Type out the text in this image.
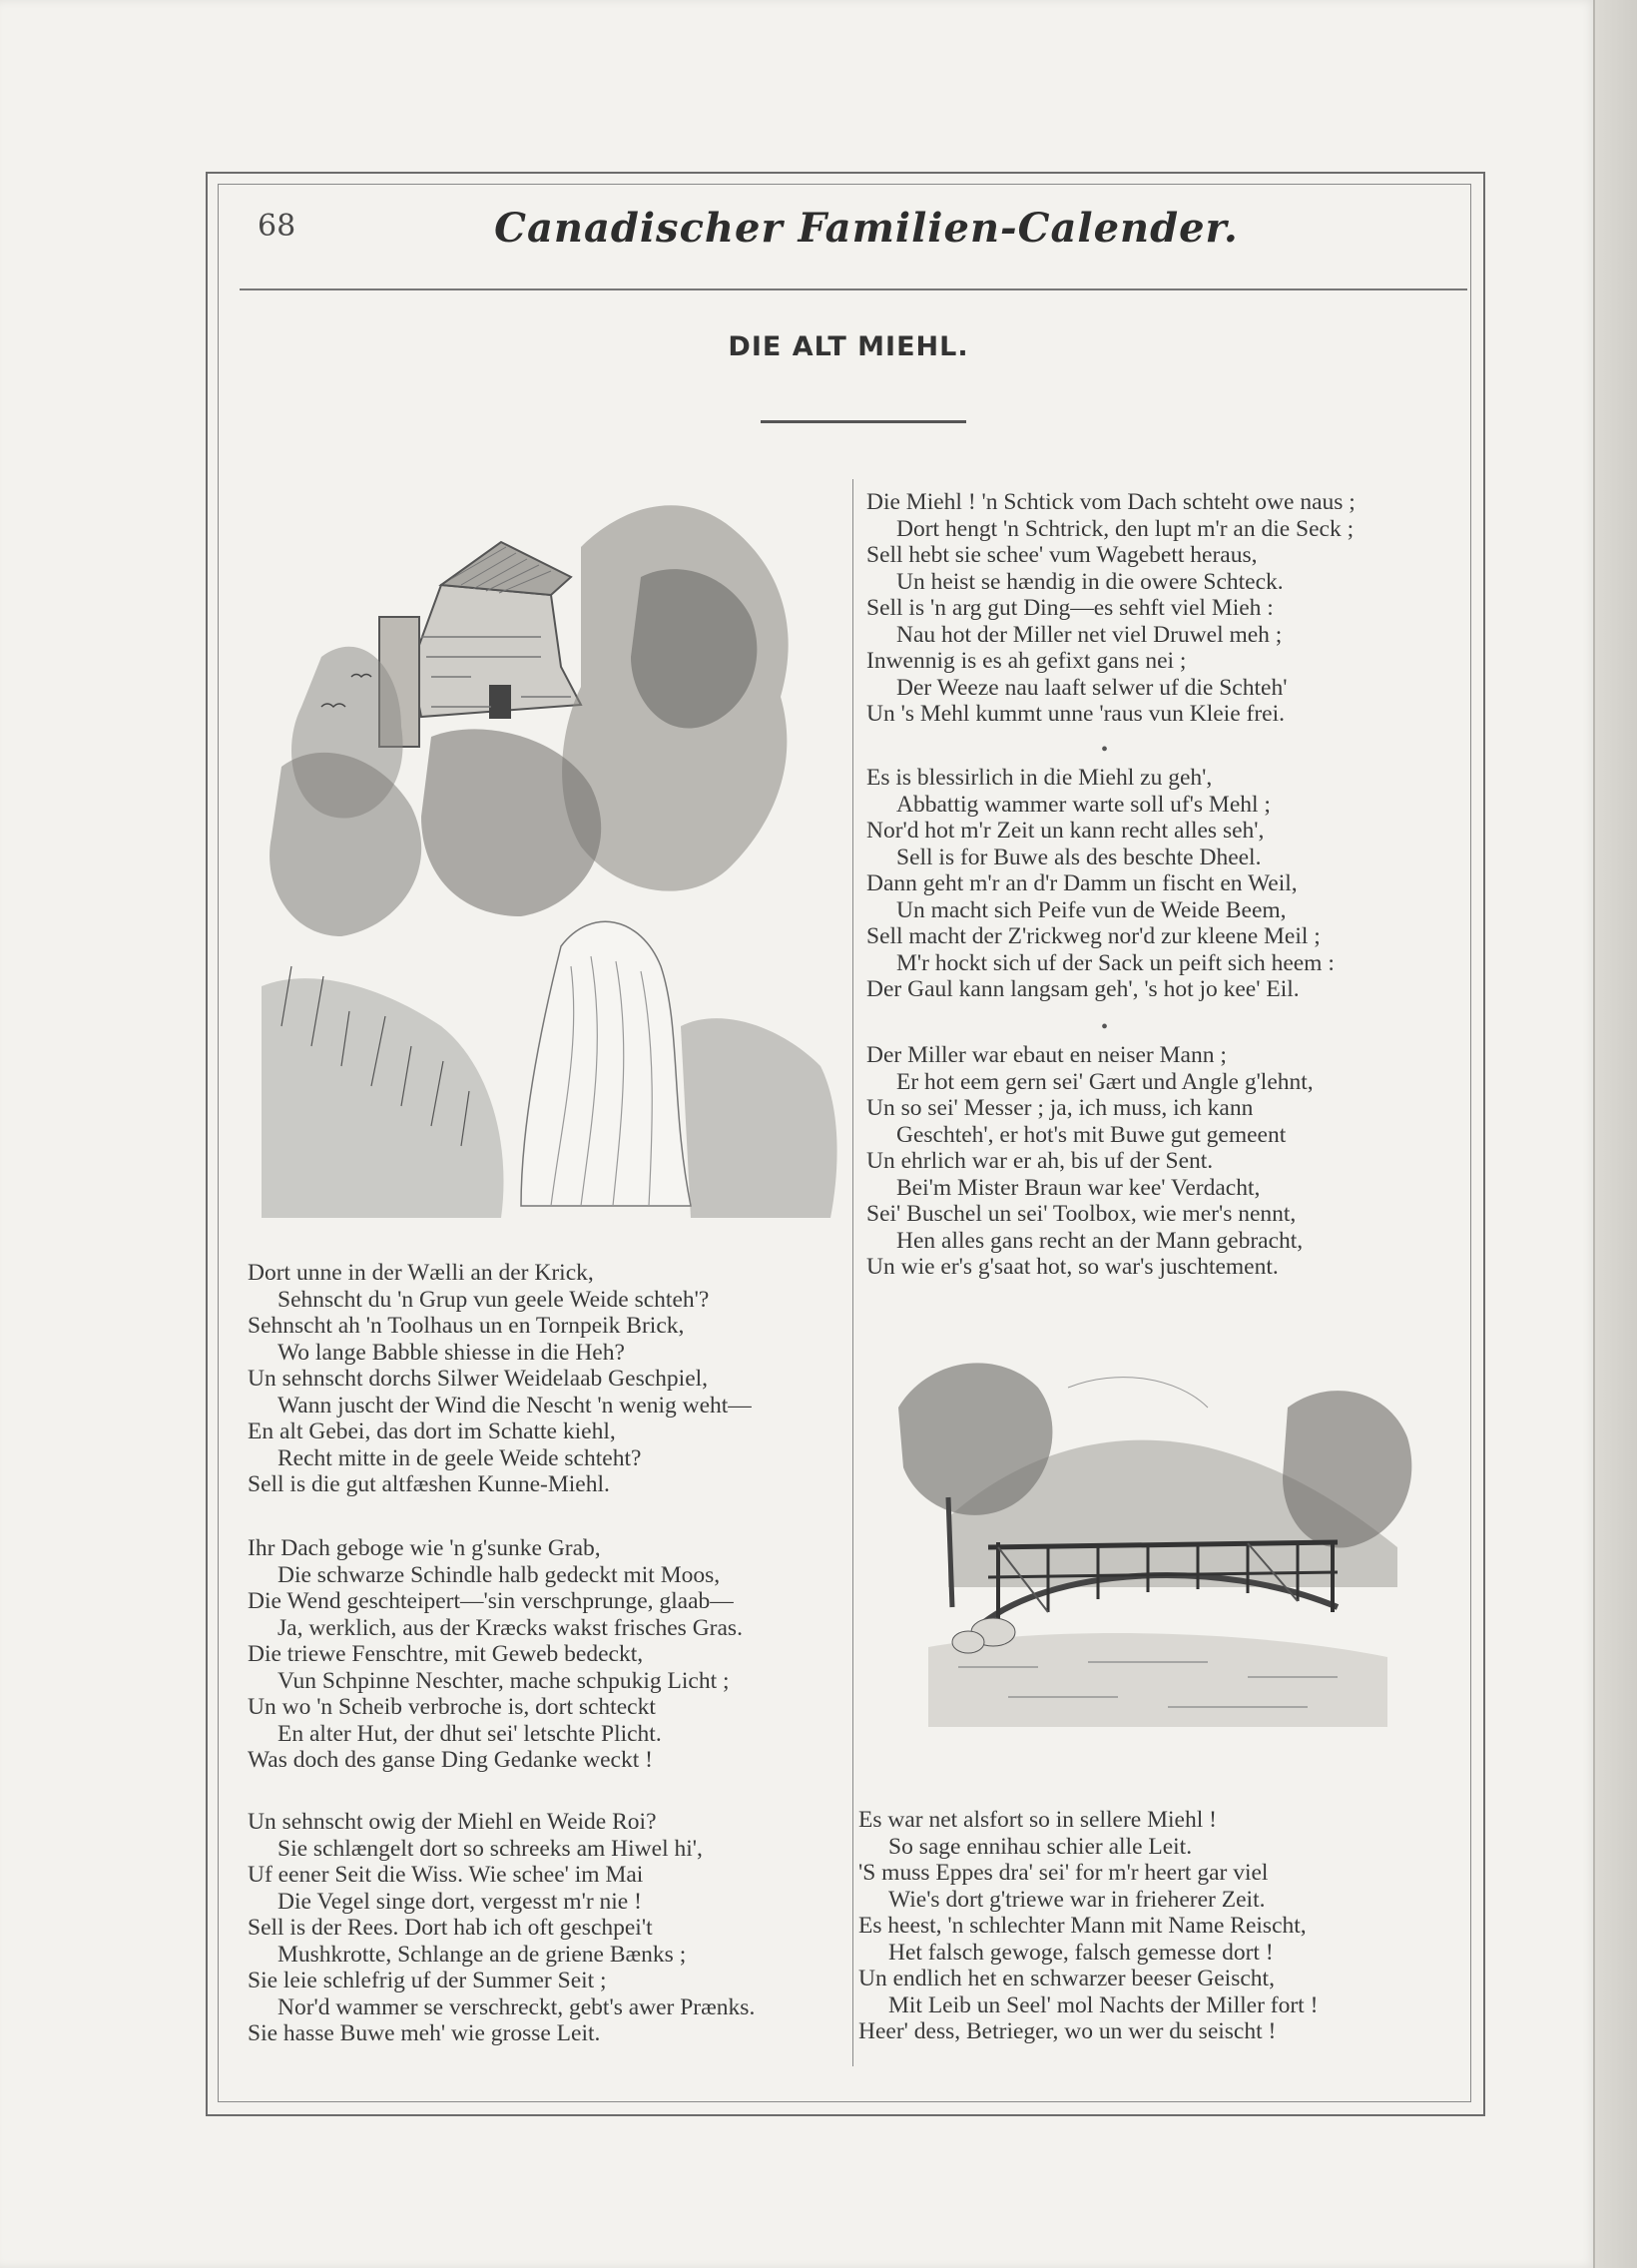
68	Canadischer Familien-Calender.
DIE ALT MIEHL.
Dort unne in der Wælli an der Krick,
Sehnscht du 'n Grup vun geele Weide schteh'?
Sehnscht ah 'n Toolhaus un en Tornpeik Brick,
Wo lange Babble shiesse in die Heh?
Un sehnscht dorchs Silwer Weidelaab Geschpiel,
Wann juscht der Wind die Nescht 'n wenig weht—
En alt Gebei, das dort im Schatte kiehl,
Recht mitte in de geele Weide schteht?
Sell is die gut altfæshen Kunne-Miehl.
Ihr Dach geboge wie 'n g'sunke Grab,
Die schwarze Schindle halb gedeckt mit Moos,
Die Wend geschteipert—'sin verschprunge, glaab—
Ja, werklich, aus der Kræcks wakst frisches Gras.
Die triewe Fenschtre, mit Geweb bedeckt,
Vun Schpinne Neschter, mache schpukig Licht ;
Un wo 'n Scheib verbroche is, dort schteckt
En alter Hut, der dhut sei' letschte Plicht.
Was doch des ganse Ding Gedanke weckt !
Un sehnscht owig der Miehl en Weide Roi?
Sie schlængelt dort so schreeks am Hiwel hi',
Uf eener Seit die Wiss. Wie schee' im Mai
Die Vegel singe dort, vergesst m'r nie !
Sell is der Rees. Dort hab ich oft geschpei't
Mushkrotte, Schlange an de griene Bænks ;
Sie leie schlefrig uf der Summer Seit ;
Nor'd wammer se verschreckt, gebt's awer Prænks.
Sie hasse Buwe meh' wie grosse Leit.
Die Miehl ! 'n Schtick vom Dach schteht owe naus ;
Dort hengt 'n Schtrick, den lupt m'r an die Seck ;
Sell hebt sie schee' vum Wagebett heraus,
Un heist se hændig in die owere Schteck.
Sell is 'n arg gut Ding—es sehft viel Mieh :
Nau hot der Miller net viel Druwel meh ;
Inwennig is es ah gefixt gans nei ;
Der Weeze nau laaft selwer uf die Schteh'
Un 's Mehl kummt unne 'raus vun Kleie frei.
•
Es is blessirlich in die Miehl zu geh',
Abbattig wammer warte soll uf's Mehl ;
Nor'd hot m'r Zeit un kann recht alles seh',
Sell is for Buwe als des beschte Dheel.
Dann geht m'r an d'r Damm un fischt en Weil,
Un macht sich Peife vun de Weide Beem,
Sell macht der Z'rickweg nor'd zur kleene Meil ;
M'r hockt sich uf der Sack un peift sich heem :
Der Gaul kann langsam geh', 's hot jo kee' Eil.
•
Der Miller war ebaut en neiser Mann ;
Er hot eem gern sei' Gært und Angle g'lehnt,
Un so sei' Messer ; ja, ich muss, ich kann
Geschteh', er hot's mit Buwe gut gemeent
Un ehrlich war er ah, bis uf der Sent.
Bei'm Mister Braun war kee' Verdacht,
Sei' Buschel un sei' Toolbox, wie mer's nennt,
Hen alles gans recht an der Mann gebracht,
Un wie er's g'saat hot, so war's juschtement.
Es war net alsfort so in sellere Miehl !
So sage ennihau schier alle Leit.
'S muss Eppes dra' sei' for m'r heert gar viel
Wie's dort g'triewe war in frieherer Zeit.
Es heest, 'n schlechter Mann mit Name Reischt,
Het falsch gewoge, falsch gemesse dort !
Un endlich het en schwarzer beeser Geischt,
Mit Leib un Seel' mol Nachts der Miller fort !
Heer' dess, Betrieger, wo un wer du seischt !
